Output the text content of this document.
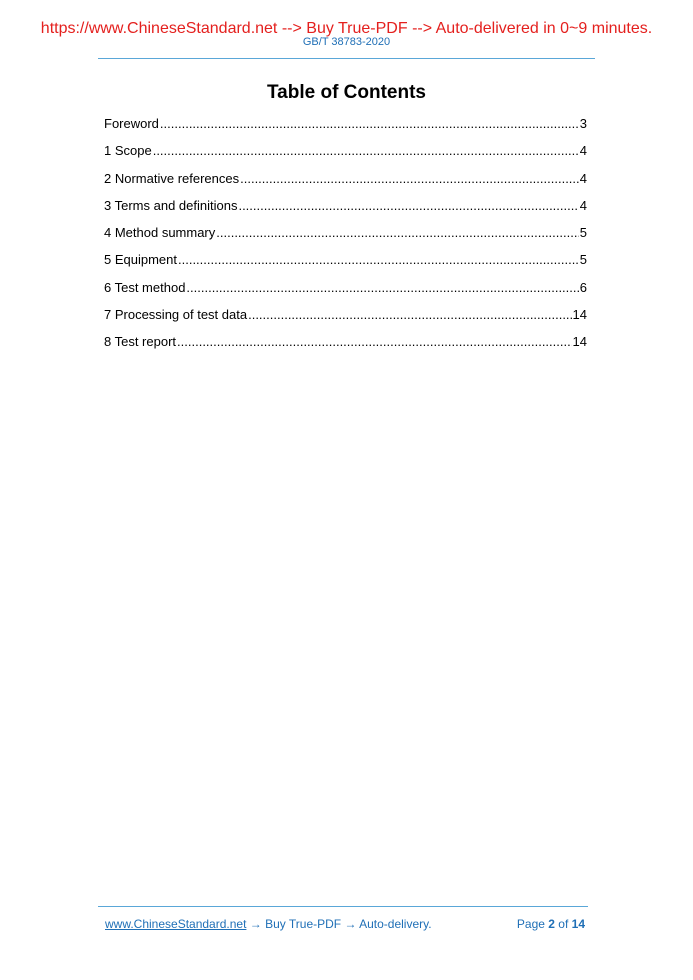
https://www.ChineseStandard.net --> Buy True-PDF --> Auto-delivered in 0~9 minutes.
GB/T 38783-2020
Table of Contents
Foreword .....	3
1 Scope .....	4
2 Normative references .....	4
3 Terms and definitions .....	4
4 Method summary .....	5
5 Equipment .....	5
6 Test method .....	6
7 Processing of test data .....	14
8 Test report .....	14
www.ChineseStandard.net → Buy True-PDF → Auto-delivery.	Page 2 of 14
